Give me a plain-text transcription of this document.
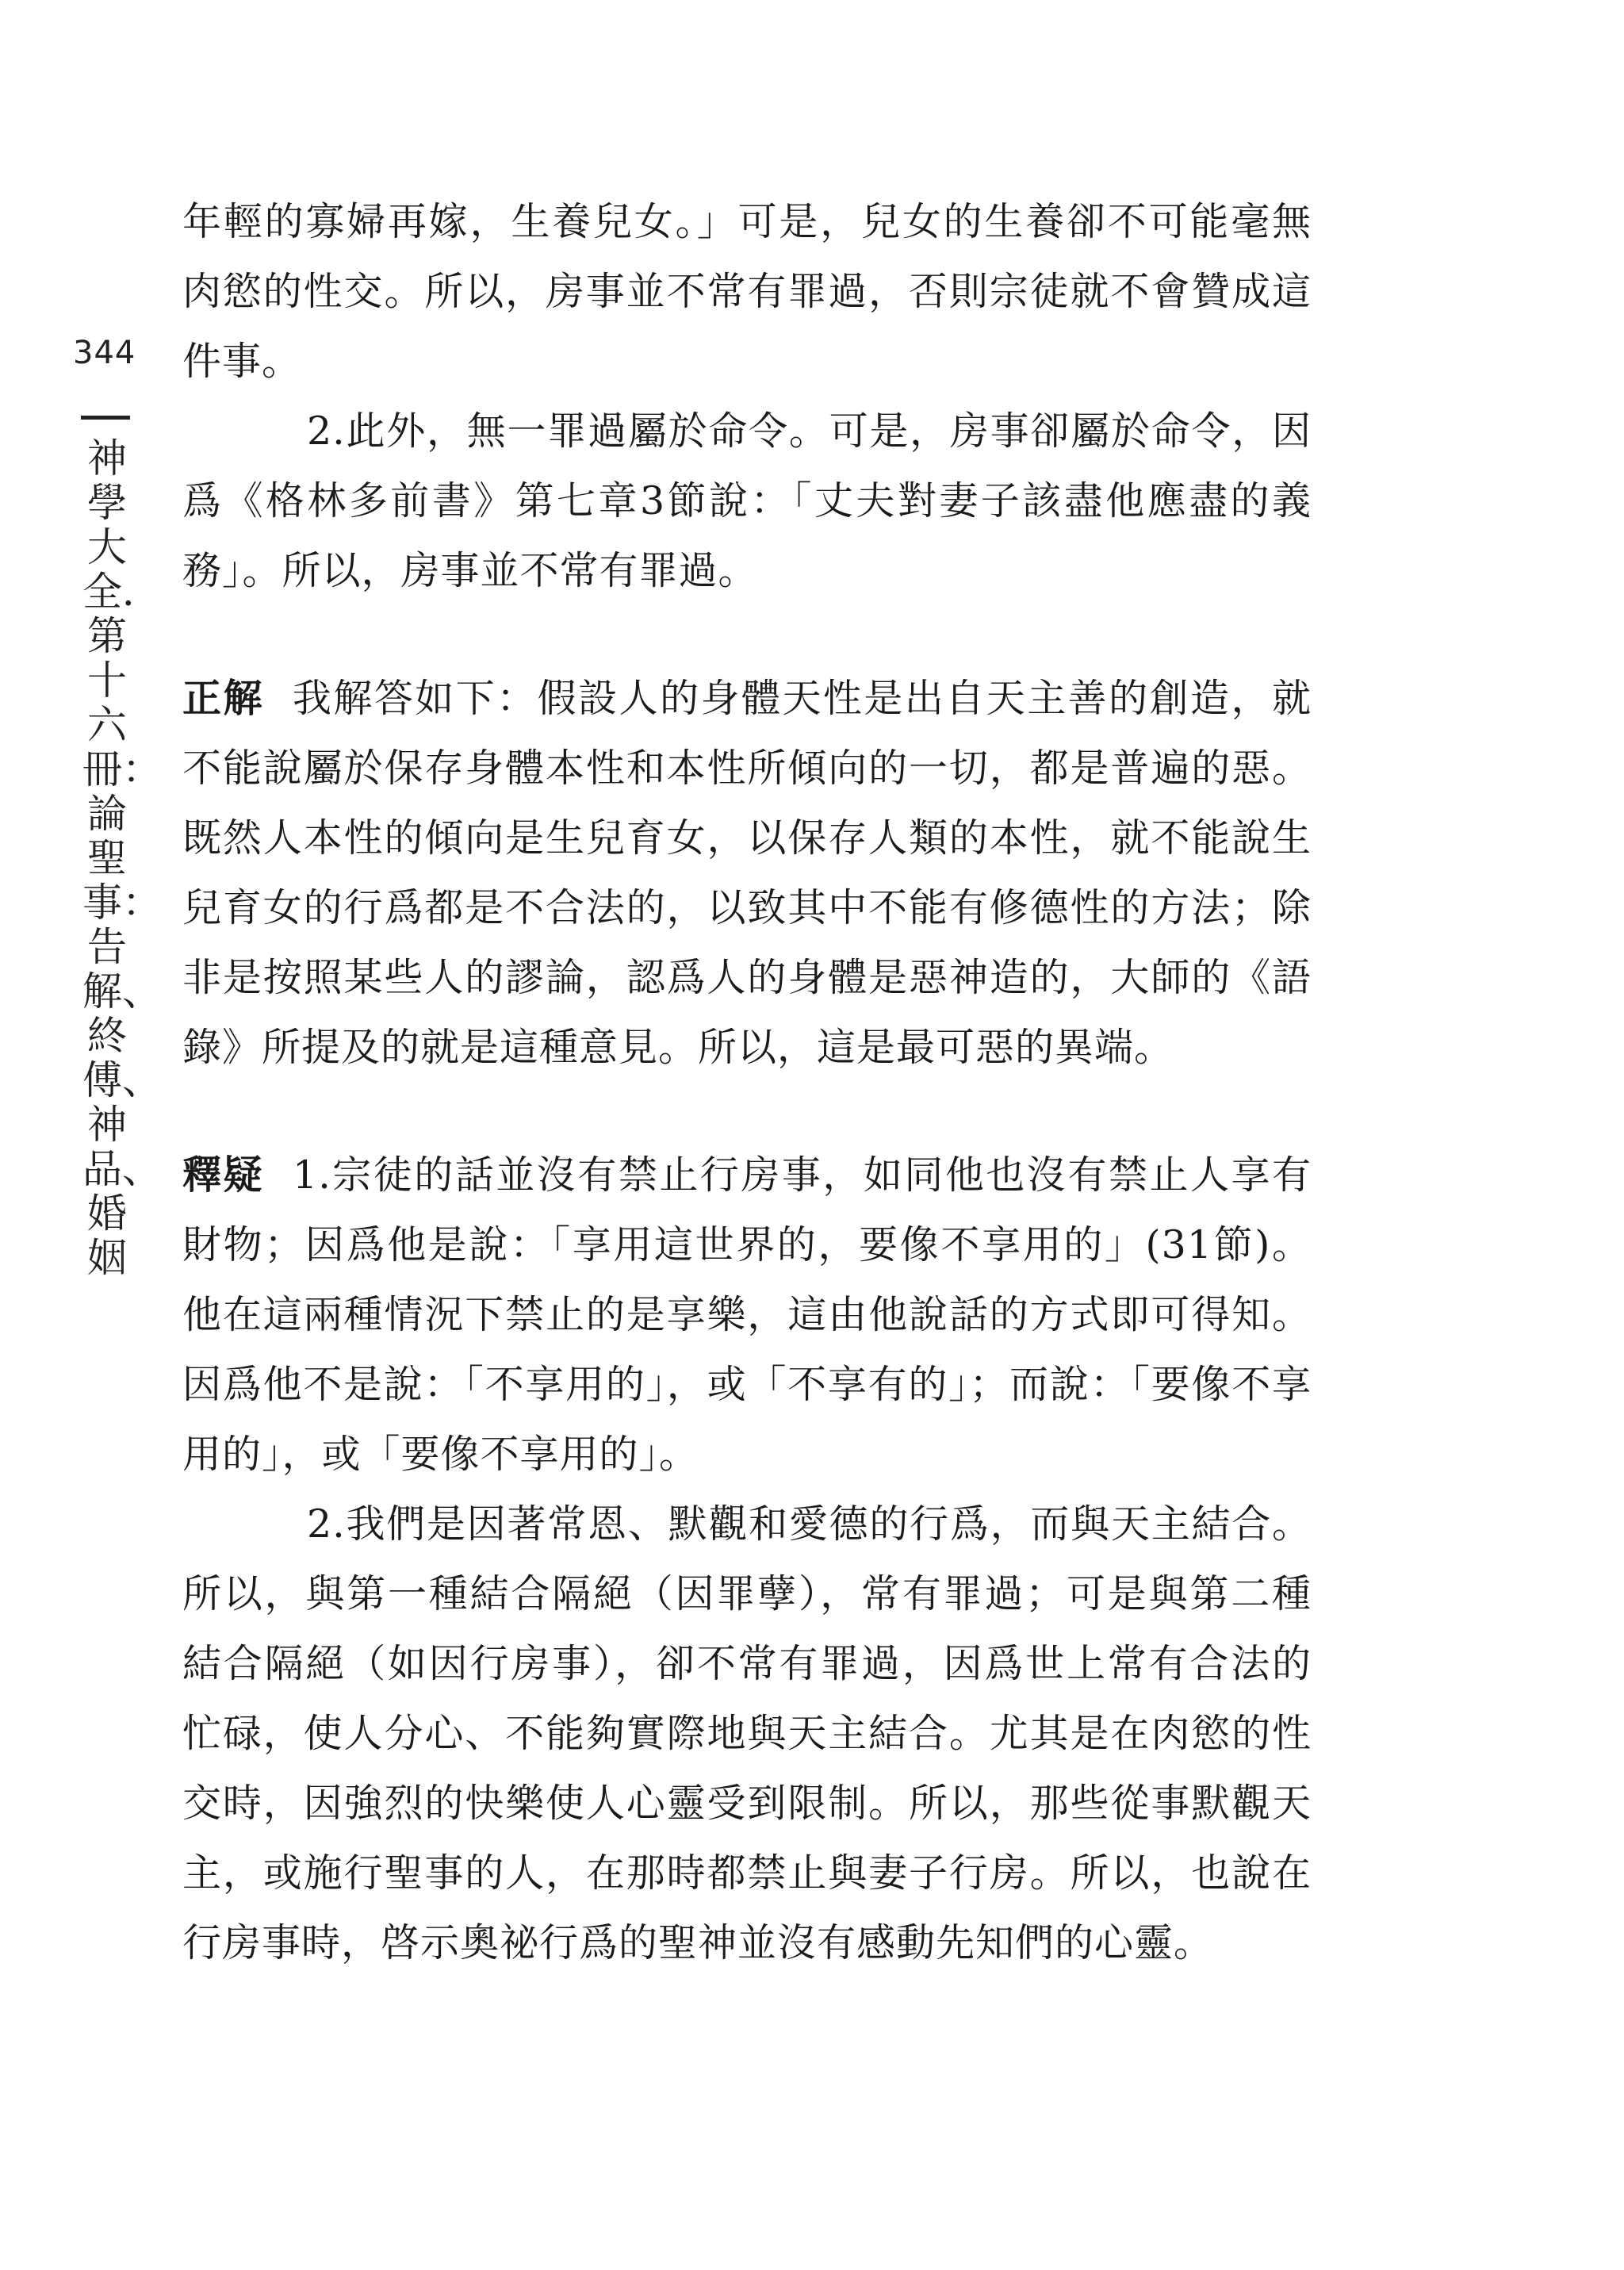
344
神學大全．第十六冊：論聖事：告解、終傅、神品、婚姻

年輕的寡婦再嫁，生養兒女。」可是，兒女的生養卻不可能毫無肉慾的性交。所以，房事並不常有罪過，否則宗徒就不會贊成這件事。

2.此外，無一罪過屬於命令。可是，房事卻屬於命令，因爲《格林多前書》第七章3節說：「丈夫對妻子該盡他應盡的義務」。所以，房事並不常有罪過。

正解 我解答如下：假設人的身體天性是出自天主善的創造，就不能說屬於保存身體本性和本性所傾向的一切，都是普遍的惡。既然人本性的傾向是生兒育女，以保存人類的本性，就不能說生兒育女的行爲都是不合法的，以致其中不能有修德性的方法；除非是按照某些人的謬論，認爲人的身體是惡神造的，大師的《語錄》所提及的就是這種意見。所以，這是最可惡的異端。

釋疑 1.宗徒的話並沒有禁止行房事，如同他也沒有禁止人享有財物；因爲他是說：「享用這世界的，要像不享用的」(31節)。他在這兩種情況下禁止的是享樂，這由他說話的方式即可得知。因爲他不是說：「不享用的」，或「不享有的」；而說：「要像不享用的」，或「要像不享用的」。

2.我們是因著常恩、默觀和愛德的行爲，而與天主結合。所以，與第一種結合隔絕（因罪孽），常有罪過；可是與第二種結合隔絕（如因行房事），卻不常有罪過，因爲世上常有合法的忙碌，使人分心、不能夠實際地與天主結合。尤其是在肉慾的性交時，因強烈的快樂使人心靈受到限制。所以，那些從事默觀天主，或施行聖事的人，在那時都禁止與妻子行房。所以，也說在行房事時，啓示奧祕行爲的聖神並沒有感動先知們的心靈。
